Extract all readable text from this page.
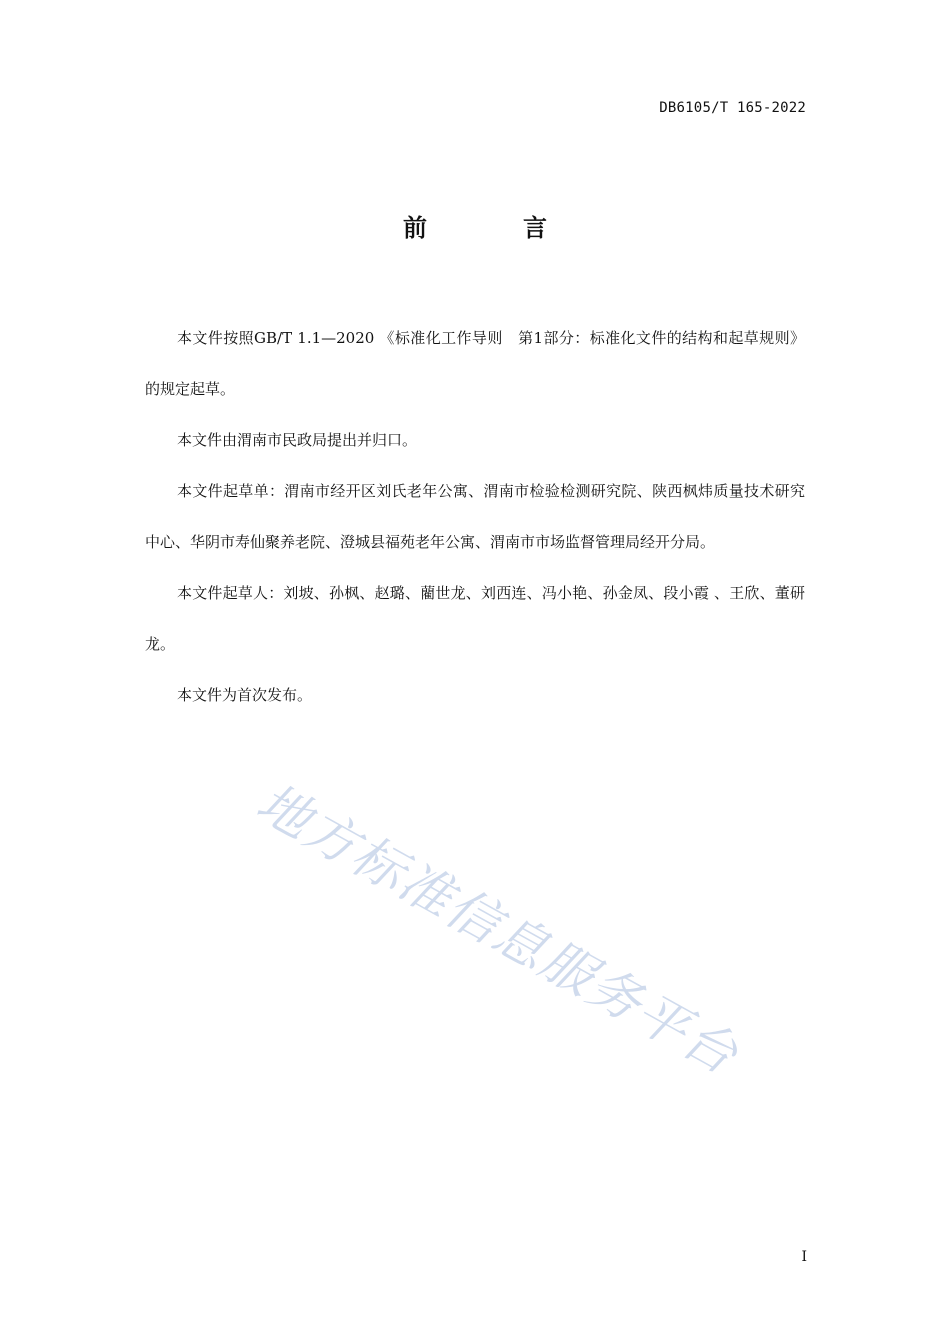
DB6105/T 165-2022
前　言

本文件按照GB/T 1.1—2020 《标准化工作导则　第1部分：标准化文件的结构和起草规则》的规定起草。

本文件由渭南市民政局提出并归口。

本文件起草单：渭南市经开区刘氏老年公寓、渭南市检验检测研究院、陕西枫炜质量技术研究中心、华阴市寿仙聚养老院、澄城县福苑老年公寓、渭南市市场监督管理局经开分局。

本文件起草人：刘坡、孙枫、赵璐、藺世龙、刘西连、冯小艳、孙金凤、段小霞 、王欣、董研龙。

本文件为首次发布。

地方标准信息服务平台
I
